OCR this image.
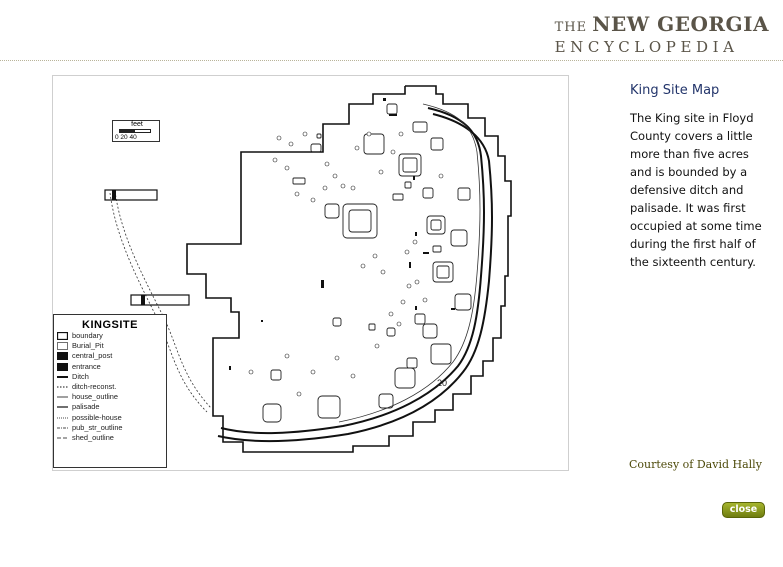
THE NEW GEORGIA
ENCYCLOPEDIA
feet
0 20 40
20
KINGSITE
boundary
Burial_Pit
central_post
entrance
Ditch
ditch-reconst.
house_outline
palisade
possible-house
pub_str_outline
shed_outline
King Site Map
The King site in Floyd County covers a little more than five acres and is bounded by a defensive ditch and palisade. It was first occupied at some time during the first half of the sixteenth century.
Courtesy of David Hally
close
